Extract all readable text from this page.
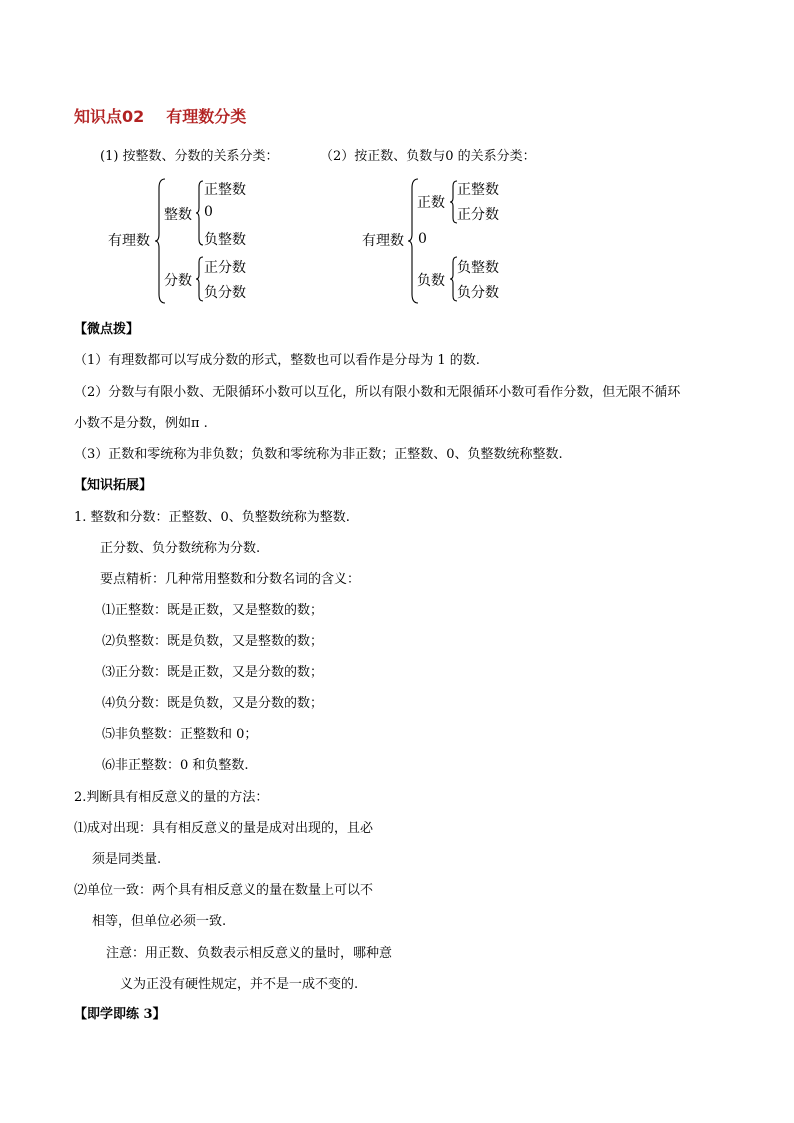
知识点02 有理数分类
(1) 按整数、分数的关系分类：
有理数
整数
正整数
0
负整数
分数
正分数
负分数
（2）按正数、负数与0 的关系分类：
有理数
正数
正整数
正分数
0
负数
负整数
负分数
【微点拨】
（1）有理数都可以写成分数的形式，整数也可以看作是分母为 1 的数.
（2）分数与有限小数、无限循环小数可以互化，所以有限小数和无限循环小数可看作分数，但无限不循环
小数不是分数，例如π .
（3）正数和零统称为非负数；负数和零统称为非正数；正整数、0、负整数统称整数.
【知识拓展】
1. 整数和分数：正整数、0、负整数统称为整数.
正分数、负分数统称为分数.
要点精析：几种常用整数和分数名词的含义：
⑴正整数：既是正数，又是整数的数；
⑵负整数：既是负数，又是整数的数；
⑶正分数：既是正数，又是分数的数；
⑷负分数：既是负数，又是分数的数；
⑸非负整数：正整数和 0；
⑹非正整数：0 和负整数.
2.判断具有相反意义的量的方法：
⑴成对出现：具有相反意义的量是成对出现的，且必
须是同类量.
⑵单位一致：两个具有相反意义的量在数量上可以不
相等，但单位必须一致.
注意：用正数、负数表示相反意义的量时，哪种意
义为正没有硬性规定，并不是一成不变的.
【即学即练 3】
